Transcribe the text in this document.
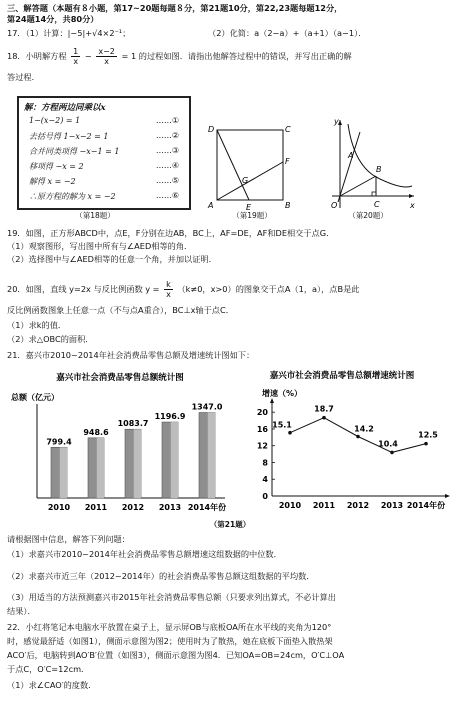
三、解答题（本题有８小题，第17~20题每题８分，第21题10分，第22,23题每题12分，
第24题14分，共80分）
17．（1）计算：|−5|+√4×2⁻¹；	（2）化简：a（2−a）+（a+1）（a−1）．
18．小明解方程 $\frac{1}{x} - \frac{x-2}{x} = 1$ 的过程如图．请指出他解答过程中的错误，并写出正确的解
答过程．
解：方程两边同乘以x
1−(x−2) = 1	……①
去括号得 1−x−2 = 1	……②
合并同类项得 −x−1 = 1	……③
移项得 −x = 2	……④
解得 x = −2	……⑤
∴原方程的解为 x = −2	……⑥
（第18题）
D
A	E	B
C
F
G
（第19题）
y
x
O
A
B
C
（第20题）
19．如图，正方形ABCD中，点E，F分别在边AB，BC上，AF=DE，AF和DE相交于点G．
（1）观察图形，写出图中所有与∠AED相等的角．
（2）选择图中与∠AED相等的任意一个角，并加以证明．
20．如图，直线 y=2x 与反比例函数 $y = \frac{k}{x} (k\ne 0$，x>0）的图象交于点A（1，a），点B是此
反比例函数图象上任意一点（不与点A重合），BC⊥x轴于点C．
（1）求k的值．
（2）求△OBC的面积．
21．嘉兴市2010~2014年社会消费品零售总额及增速统计图如下：
嘉兴市社会消费品零售总额统计图
总额（亿元）
799.4
2010
948.6
2011
1083.7
2012
1196.9
2013
1347.0
2014年份
嘉兴市社会消费品零售总额增速统计图
增速（%）
0
4
8
12
16
20
15.1
2010
18.7
2011
14.2
2012
10.4
2013
12.5
2014年份
（第21题）
请根据图中信息，解答下列问题：
（1）求嘉兴市2010~2014年社会消费品零售总额增速这组数据的中位数．
（2）求嘉兴市近三年（2012~2014年）的社会消费品零售总额这组数据的平均数．
（3）用适当的方法预测嘉兴市2015年社会消费品零售总额（只要求列出算式，不必计算出
结果）．
22．小红将笔记本电脑水平放置在桌子上，显示屏OB与底板OA所在水平线的夹角为120°
时，感觉最舒适（如图1），侧面示意图为图2；使用时为了散热，她在底板下面垫入散热架
ACO′后，电脑转到AO′B′位置（如图3），侧面示意图为图4．已知OA=OB=24cm，O′C⊥OA
于点C，O′C=12cm．
（1）求∠CAO′的度数．
